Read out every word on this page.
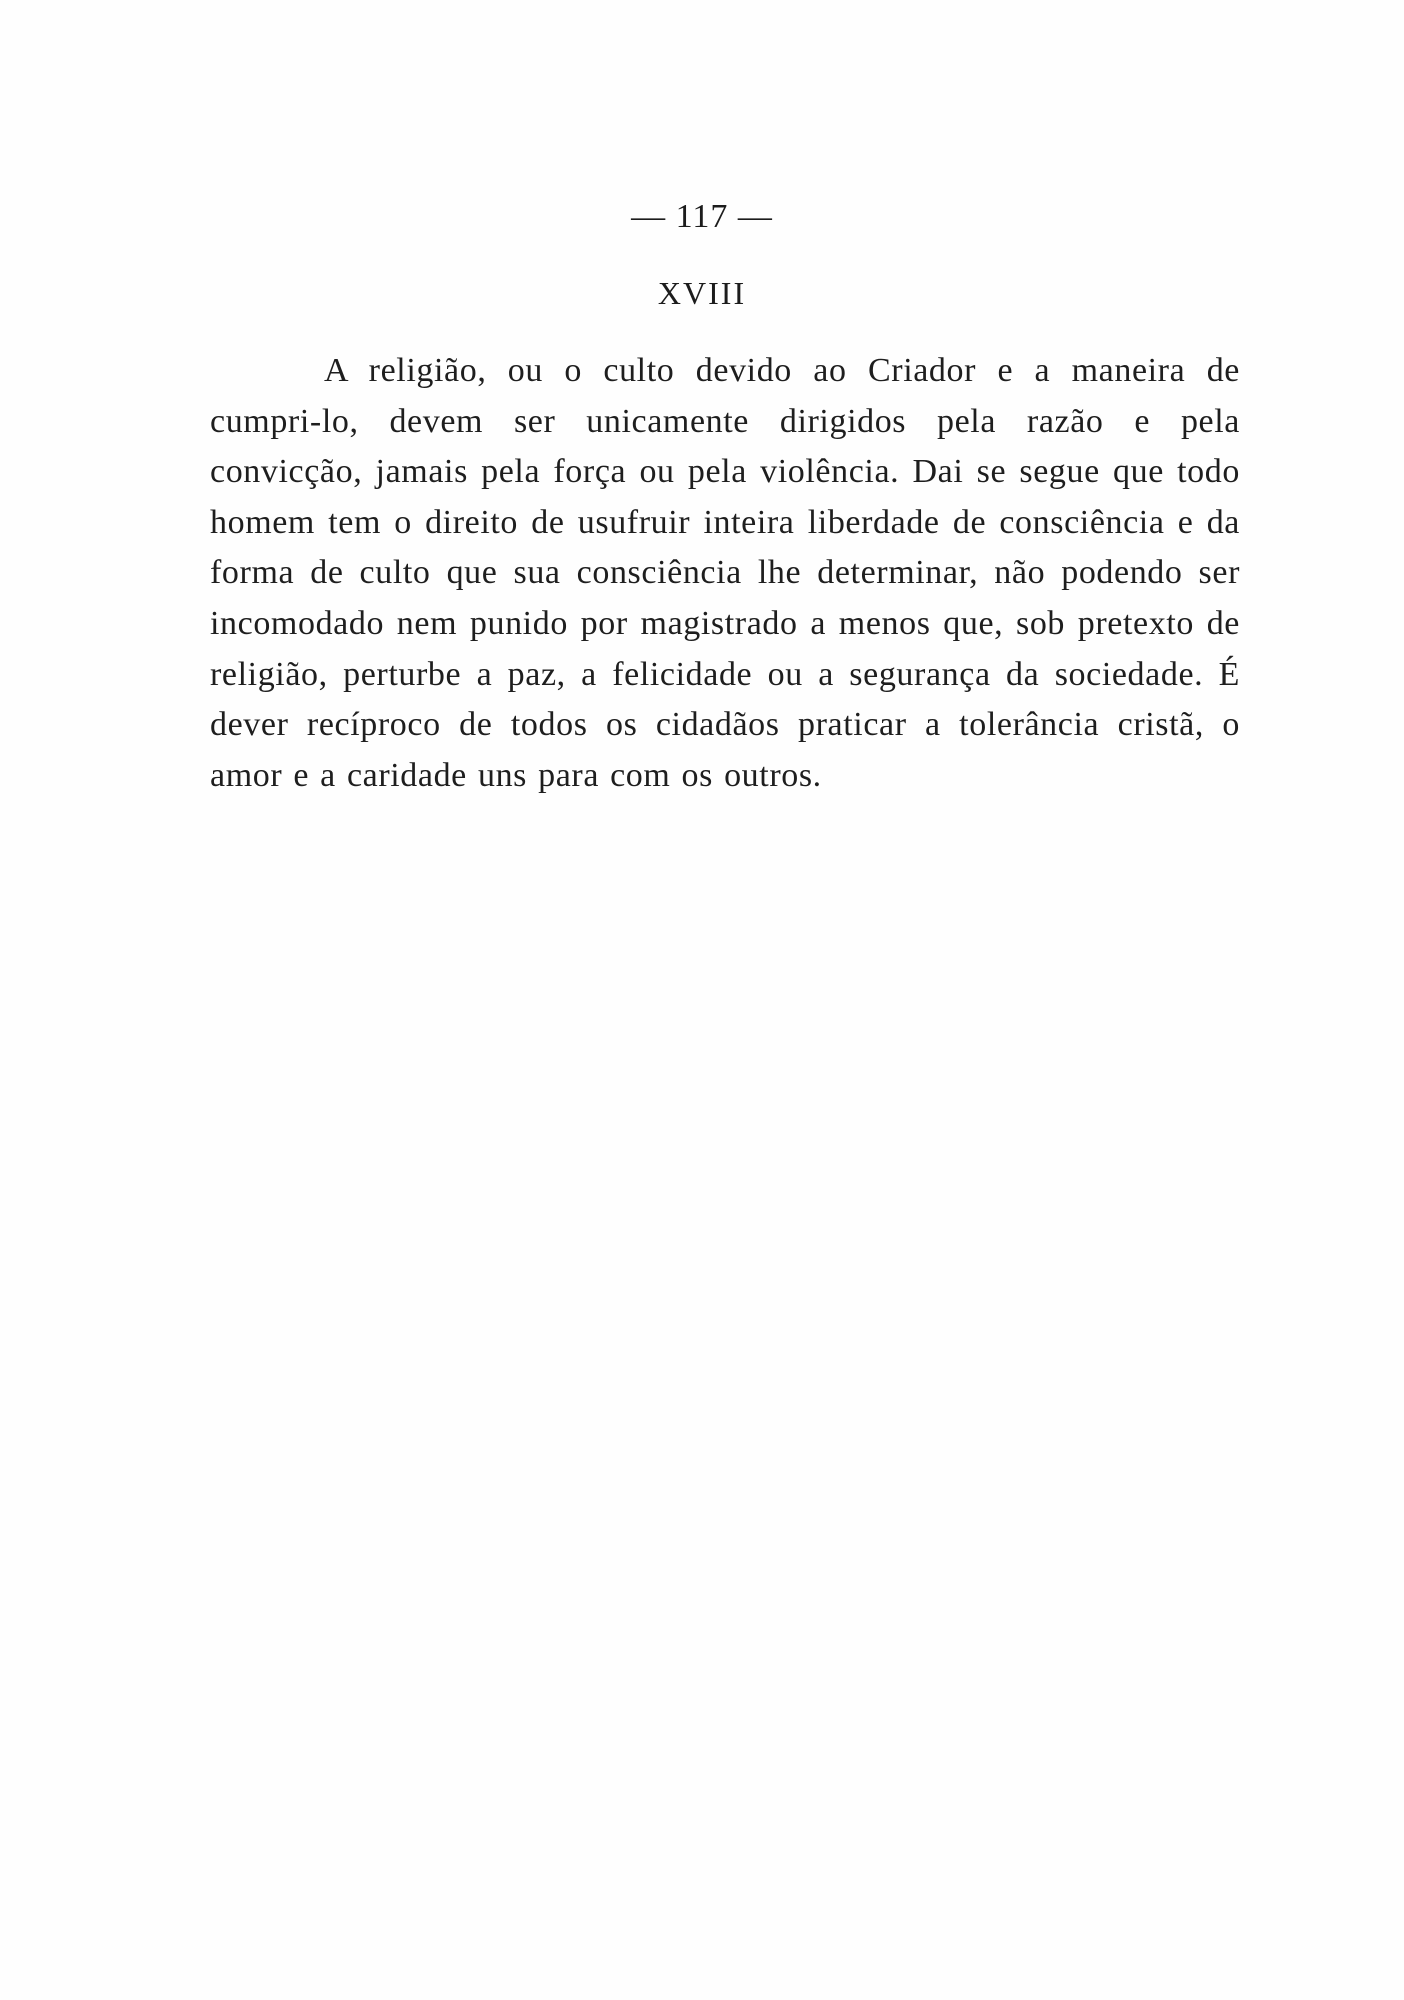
— 117 —
XVIII

A religião, ou o culto devido ao Criador e a maneira de cumpri-lo, devem ser unicamente dirigidos pela razão e pela convicção, jamais pela força ou pela violência. Dai se segue que todo homem tem o direito de usufruir inteira liberdade de consciência e da forma de culto que sua consciência lhe determinar, não podendo ser incomodado nem punido por magistrado a menos que, sob pretexto de religião, perturbe a paz, a felicidade ou a segurança da sociedade. É dever recíproco de todos os cidadãos praticar a tolerância cristã, o amor e a caridade uns para com os outros.
